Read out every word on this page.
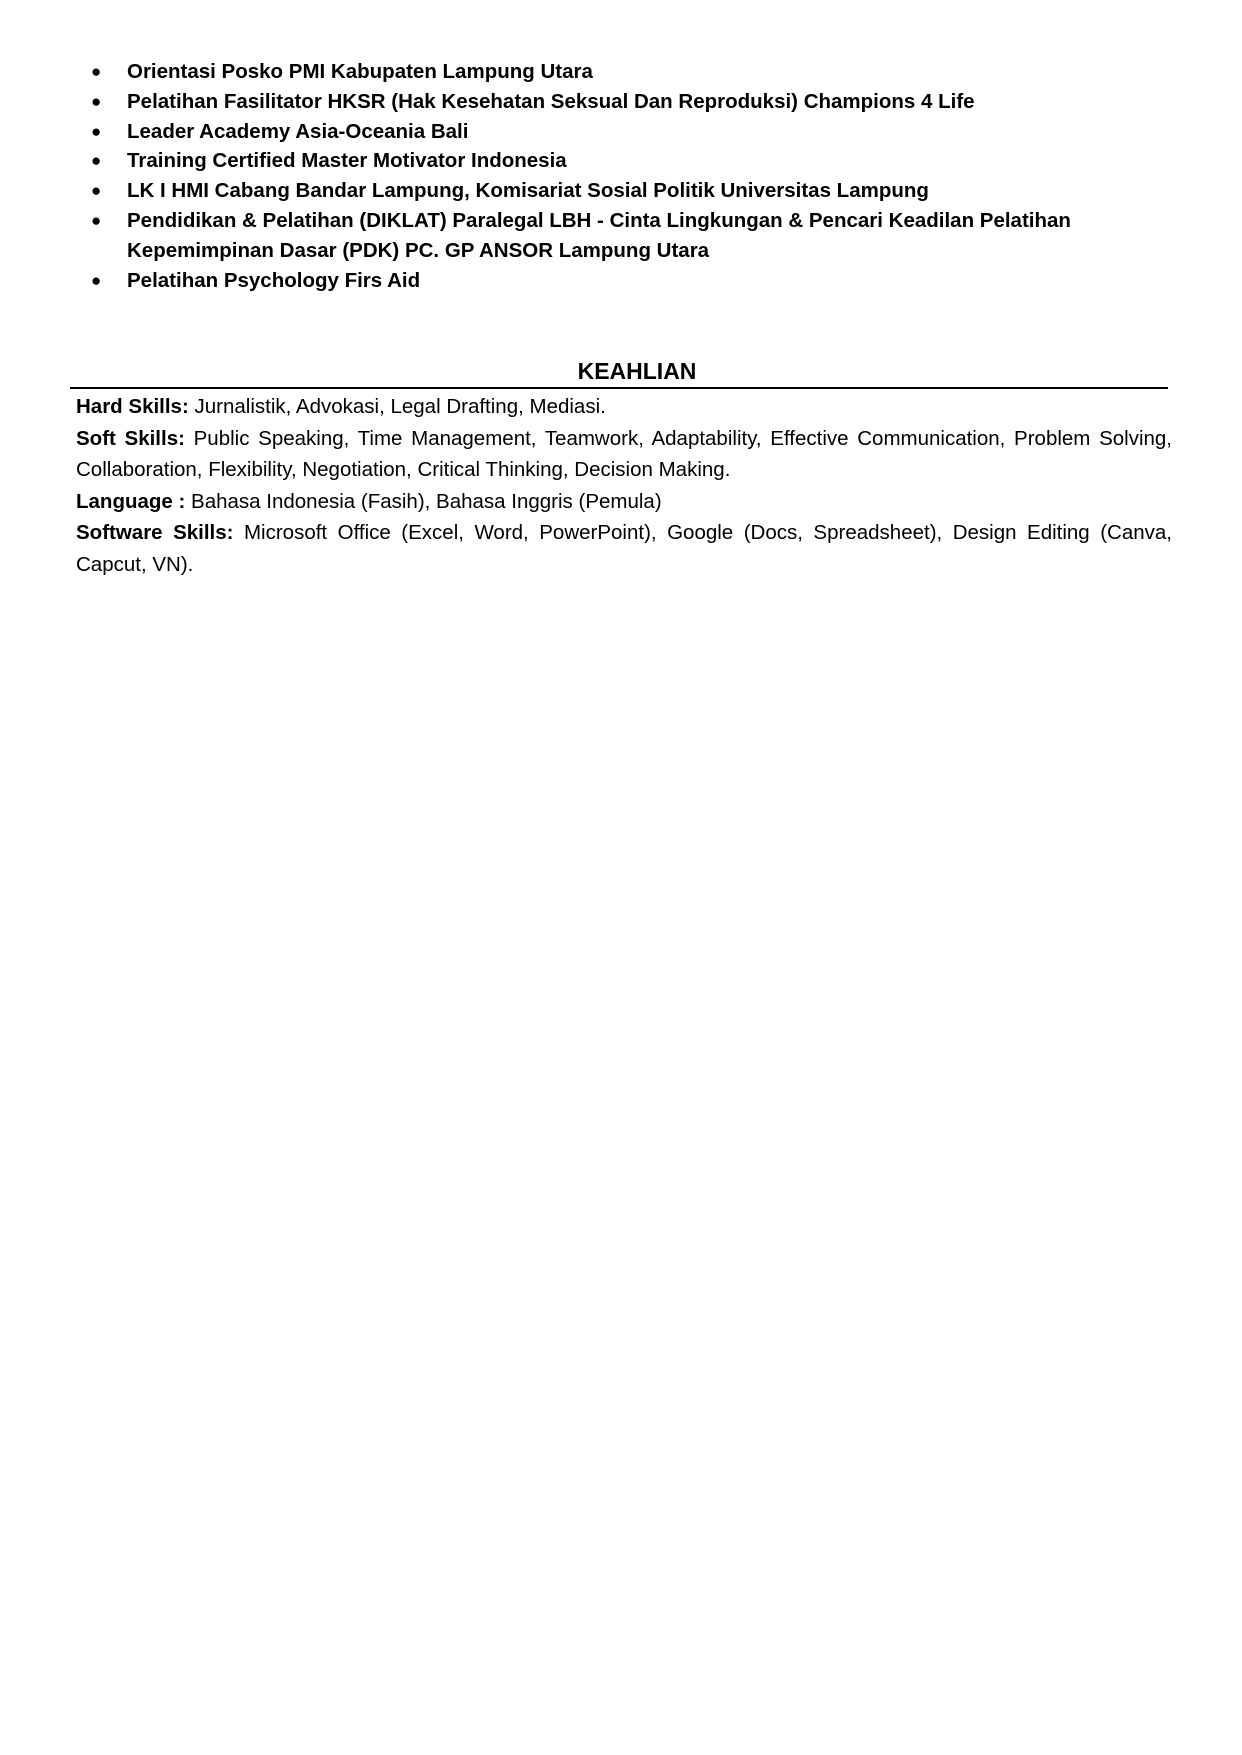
● Orientasi Posko PMI Kabupaten Lampung Utara
● Pelatihan Fasilitator HKSR (Hak Kesehatan Seksual Dan Reproduksi) Champions 4 Life
● Leader Academy Asia-Oceania Bali
● Training Certified Master Motivator Indonesia
● LK I HMI Cabang Bandar Lampung, Komisariat Sosial Politik Universitas Lampung
● Pendidikan & Pelatihan (DIKLAT) Paralegal LBH - Cinta Lingkungan & Pencari Keadilan Pelatihan Kepemimpinan Dasar (PDK) PC. GP ANSOR Lampung Utara
● Pelatihan Psychology Firs Aid
KEAHLIAN

Hard Skills: Jurnalistik, Advokasi, Legal Drafting, Mediasi.

Soft Skills: Public Speaking, Time Management, Teamwork, Adaptability, Effective Communication, Problem Solving, Collaboration, Flexibility, Negotiation, Critical Thinking, Decision Making.

Language : Bahasa Indonesia (Fasih), Bahasa Inggris (Pemula)

Software Skills: Microsoft Office (Excel, Word, PowerPoint), Google (Docs, Spreadsheet), Design Editing (Canva, Capcut, VN).
